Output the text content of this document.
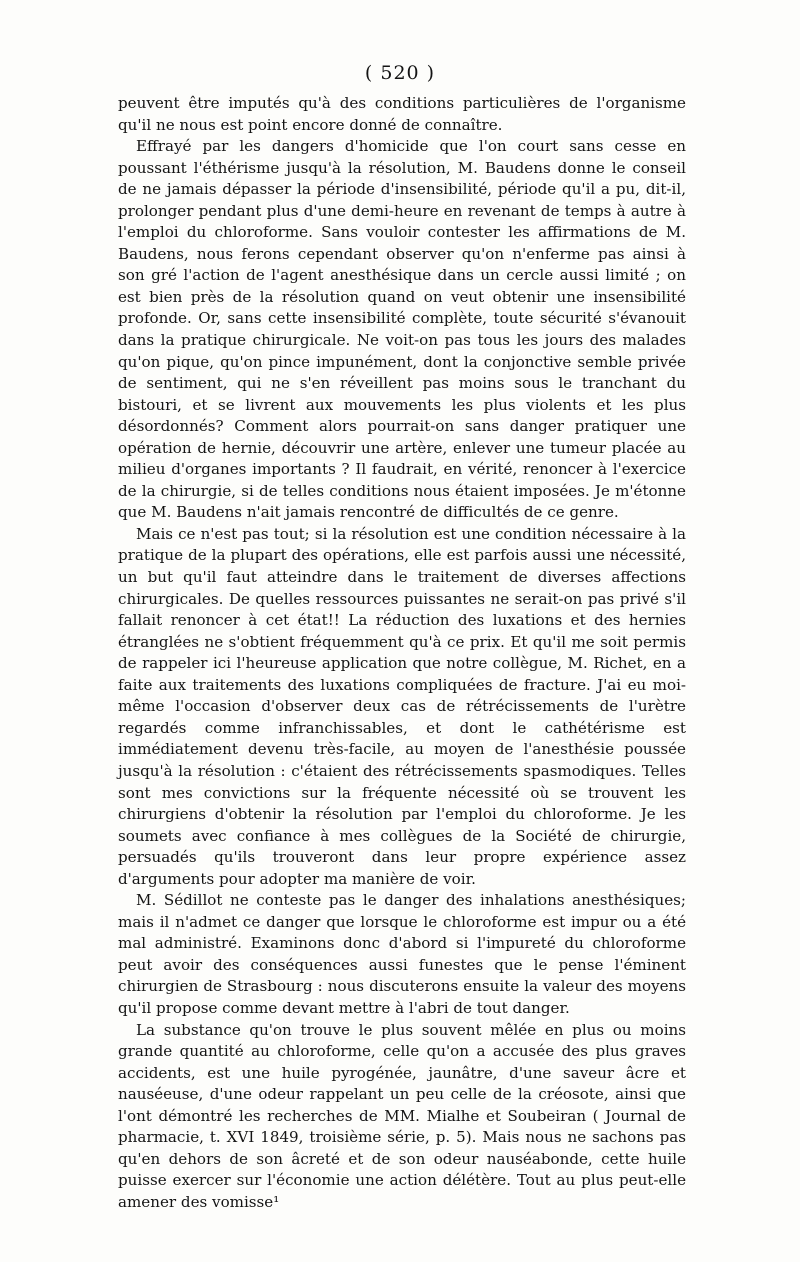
( 520 )

peuvent être imputés qu'à des conditions particulières de l'organisme qu'il ne nous est point encore donné de connaître.

Effrayé par les dangers d'homicide que l'on court sans cesse en poussant l'éthérisme jusqu'à la résolution, M. Baudens donne le conseil de ne jamais dépasser la période d'insensibilité, période qu'il a pu, dit-il, prolonger pendant plus d'une demi-heure en revenant de temps à autre à l'emploi du chloroforme. Sans vouloir contester les affirmations de M. Baudens, nous ferons cependant observer qu'on n'enferme pas ainsi à son gré l'action de l'agent anesthésique dans un cercle aussi limité ; on est bien près de la résolution quand on veut obtenir une insensibilité profonde. Or, sans cette insensibilité complète, toute sécurité s'évanouit dans la pratique chirurgicale. Ne voit-on pas tous les jours des malades qu'on pique, qu'on pince impunément, dont la conjonctive semble privée de sentiment, qui ne s'en réveillent pas moins sous le tranchant du bistouri, et se livrent aux mouvements les plus violents et les plus désordonnés? Comment alors pourrait-on sans danger pratiquer une opération de hernie, découvrir une artère, enlever une tumeur placée au milieu d'organes importants ? Il faudrait, en vérité, renoncer à l'exercice de la chirurgie, si de telles conditions nous étaient imposées. Je m'étonne que M. Baudens n'ait jamais rencontré de difficultés de ce genre.

Mais ce n'est pas tout; si la résolution est une condition nécessaire à la pratique de la plupart des opérations, elle est parfois aussi une nécessité, un but qu'il faut atteindre dans le traitement de diverses affections chirurgicales. De quelles ressources puissantes ne serait-on pas privé s'il fallait renoncer à cet état!! La réduction des luxations et des hernies étranglées ne s'obtient fréquemment qu'à ce prix. Et qu'il me soit permis de rappeler ici l'heureuse application que notre collègue, M. Richet, en a faite aux traitements des luxations compliquées de fracture. J'ai eu moi-même l'occasion d'observer deux cas de rétrécissements de l'urètre regardés comme infranchissables, et dont le cathétérisme est immédiatement devenu très-facile, au moyen de l'anesthésie poussée jusqu'à la résolution : c'étaient des rétrécissements spasmodiques. Telles sont mes convictions sur la fréquente nécessité où se trouvent les chirurgiens d'obtenir la résolution par l'emploi du chloroforme. Je les soumets avec confiance à mes collègues de la Société de chirurgie, persuadés qu'ils trouveront dans leur propre expérience assez d'arguments pour adopter ma manière de voir.

M. Sédillot ne conteste pas le danger des inhalations anesthésiques; mais il n'admet ce danger que lorsque le chloroforme est impur ou a été mal administré. Examinons donc d'abord si l'impureté du chloroforme peut avoir des conséquences aussi funestes que le pense l'éminent chirurgien de Strasbourg : nous discuterons ensuite la valeur des moyens qu'il propose comme devant mettre à l'abri de tout danger.

La substance qu'on trouve le plus souvent mêlée en plus ou moins grande quantité au chloroforme, celle qu'on a accusée des plus graves accidents, est une huile pyrogénée, jaunâtre, d'une saveur âcre et nauséeuse, d'une odeur rappelant un peu celle de la créosote, ainsi que l'ont démontré les recherches de MM. Mialhe et Soubeiran ( Journal de pharmacie, t. XVI 1849, troisième série, p. 5). Mais nous ne sachons pas qu'en dehors de son âcreté et de son odeur nauséabonde, cette huile puisse exercer sur l'économie une action délétère. Tout au plus peut-elle amener des vomisse¹
